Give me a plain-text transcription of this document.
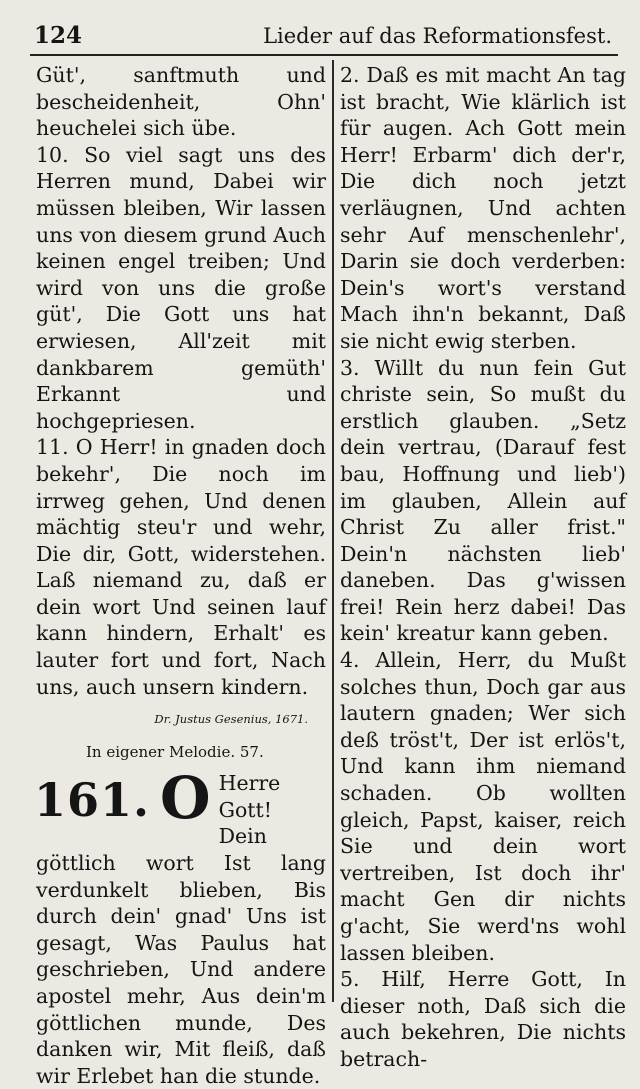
124	Lieder auf das Reformationsfest.

Güt', sanftmuth und bescheidenheit, Ohn' heuchelei sich übe.

10. So viel sagt uns des Herren mund, Dabei wir müssen bleiben, Wir lassen uns von diesem grund Auch keinen engel treiben; Und wird von uns die große güt', Die Gott uns hat erwiesen, All'zeit mit dankbarem gemüth' Erkannt und hochgepriesen.

11. O Herr! in gnaden doch bekehr', Die noch im irrweg gehen, Und denen mächtig steu'r und wehr, Die dir, Gott, widerstehen. Laß niemand zu, daß er dein wort Und seinen lauf kann hindern, Erhalt' es lauter fort und fort, Nach uns, auch unsern kindern.

Dr. Justus Gesenius, 1671.
In eigener Melodie. 57.
161. O Herre Gott! Dein göttlich wort Ist lang verdunkelt blieben, Bis durch dein' gnad' Uns ist gesagt, Was Paulus hat geschrieben, Und andere apostel mehr, Aus dein'm göttlichen munde, Des danken wir, Mit fleiß, daß wir Erlebet han die stunde.

2. Daß es mit macht An tag ist bracht, Wie klärlich ist für augen. Ach Gott mein Herr! Erbarm' dich der'r, Die dich noch jetzt verläugnen, Und achten sehr Auf menschenlehr', Darin sie doch verderben: Dein's wort's verstand Mach ihn'n bekannt, Daß sie nicht ewig sterben.

3. Willt du nun fein Gut christe sein, So mußt du erstlich glauben. „Setz dein vertrau, (Darauf fest bau, Hoffnung und lieb') im glauben, Allein auf Christ Zu aller frist." Dein'n nächsten lieb' daneben. Das g'wissen frei! Rein herz dabei! Das kein' kreatur kann geben.

4. Allein, Herr, du Mußt solches thun, Doch gar aus lautern gnaden; Wer sich deß tröst't, Der ist erlös't, Und kann ihm niemand schaden. Ob wollten gleich, Papst, kaiser, reich Sie und dein wort vertreiben, Ist doch ihr' macht Gen dir nichts g'acht, Sie werd'ns wohl lassen bleiben.

5. Hilf, Herre Gott, In dieser noth, Daß sich die auch bekehren, Die nichts betrach-
